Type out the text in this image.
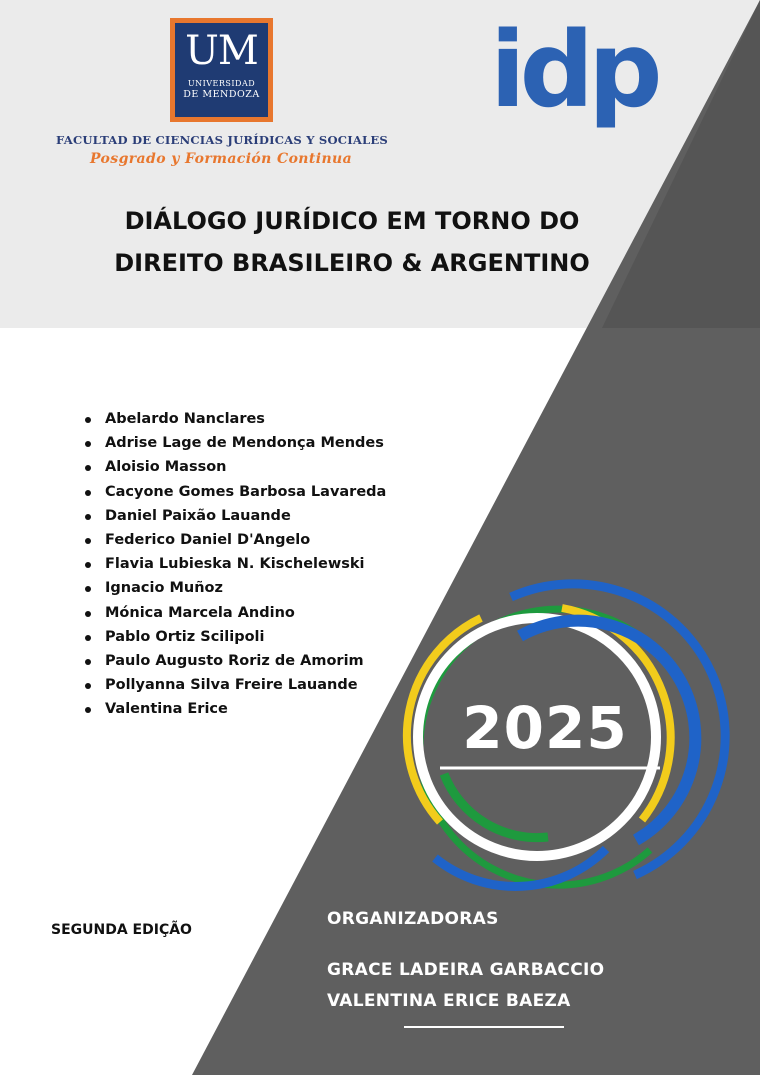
UM
UNIVERSIDAD
DE MENDOZA
FACULTAD DE CIENCIAS JURÍDICAS Y SOCIALES
Posgrado y Formación Continua
idp
DIÁLOGO JURÍDICO EM TORNO DO
DIREITO BRASILEIRO & ARGENTINO
Abelardo Nanclares
Adrise Lage de Mendonça Mendes
Aloisio Masson
Cacyone Gomes Barbosa Lavareda
Daniel Paixão Lauande
Federico Daniel D'Angelo
Flavia Lubieska N. Kischelewski
Ignacio Muñoz
Mónica Marcela Andino
Pablo Ortiz Scilipoli
Paulo Augusto Roriz de Amorim
Pollyanna Silva Freire Lauande
Valentina Erice	2025
SEGUNDA EDIÇÃO
ORGANIZADORAS
GRACE LADEIRA GARBACCIO
VALENTINA ERICE BAEZA
